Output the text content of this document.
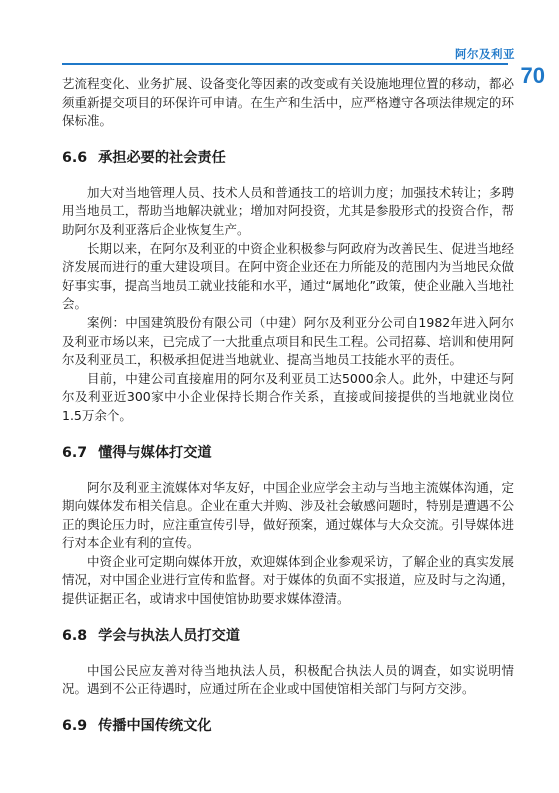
阿尔及利亚
70

艺流程变化、业务扩展、设备变化等因素的改变或有关设施地理位置的移动，都必须重新提交项目的环保许可申请。在生产和生活中，应严格遵守各项法律规定的环保标准。

6.6 承担必要的社会责任

加大对当地管理人员、技术人员和普通技工的培训力度；加强技术转让；多聘用当地员工，帮助当地解决就业；增加对阿投资，尤其是参股形式的投资合作，帮助阿尔及利亚落后企业恢复生产。

长期以来，在阿尔及利亚的中资企业积极参与阿政府为改善民生、促进当地经济发展而进行的重大建设项目。在阿中资企业还在力所能及的范围内为当地民众做好事实事，提高当地员工就业技能和水平，通过“属地化”政策，使企业融入当地社会。

案例：中国建筑股份有限公司（中建）阿尔及利亚分公司自1982年进入阿尔及利亚市场以来，已完成了一大批重点项目和民生工程。公司招募、培训和使用阿尔及利亚员工，积极承担促进当地就业、提高当地员工技能水平的责任。

目前，中建公司直接雇用的阿尔及利亚员工达5000余人。此外，中建还与阿尔及利亚近300家中小企业保持长期合作关系，直接或间接提供的当地就业岗位1.5万余个。

6.7 懂得与媒体打交道

阿尔及利亚主流媒体对华友好，中国企业应学会主动与当地主流媒体沟通，定期向媒体发布相关信息。企业在重大并购、涉及社会敏感问题时，特别是遭遇不公正的舆论压力时，应注重宣传引导，做好预案，通过媒体与大众交流。引导媒体进行对本企业有利的宣传。

中资企业可定期向媒体开放，欢迎媒体到企业参观采访，了解企业的真实发展情况，对中国企业进行宣传和监督。对于媒体的负面不实报道，应及时与之沟通，提供证据正名，或请求中国使馆协助要求媒体澄清。

6.8 学会与执法人员打交道

中国公民应友善对待当地执法人员，积极配合执法人员的调查，如实说明情况。遇到不公正待遇时，应通过所在企业或中国使馆相关部门与阿方交涉。

6.9 传播中国传统文化
